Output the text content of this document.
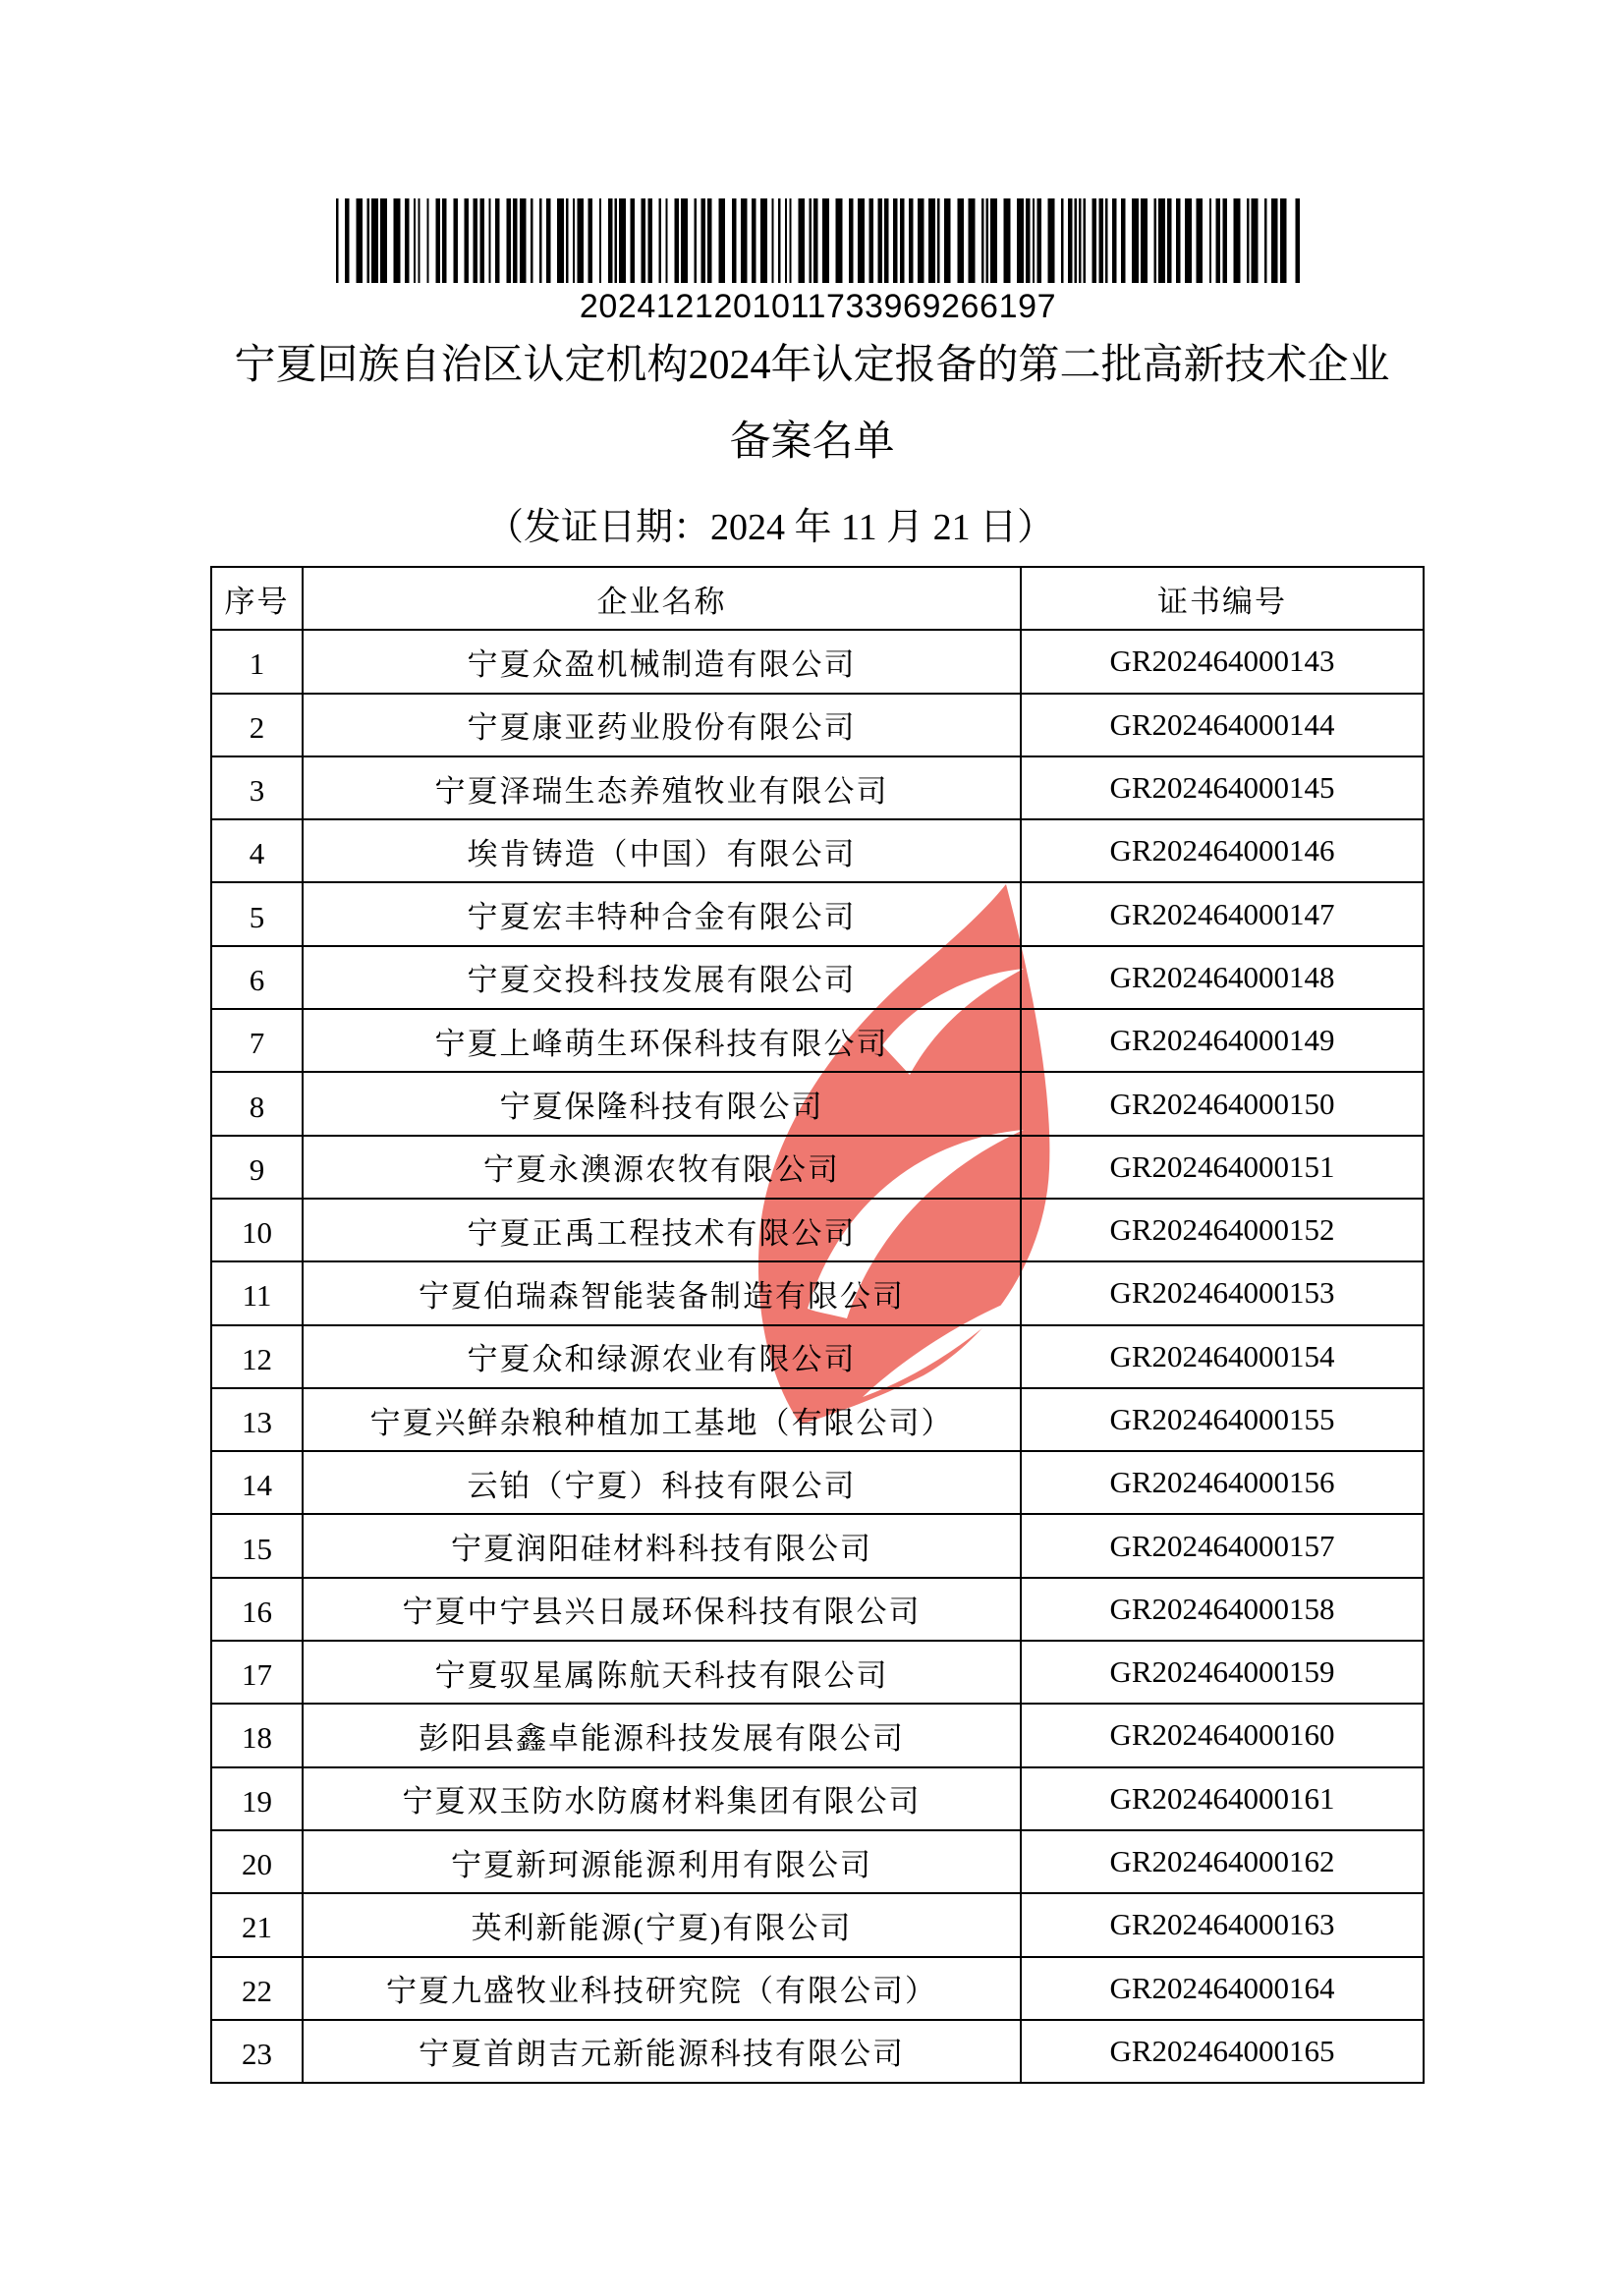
2024121201011733969266197
宁夏回族自治区认定机构2024年认定报备的第二批高新技术企业
备案名单
（发证日期：2024 年 11 月 21 日）
序号	企业名称	证书编号
1	宁夏众盈机械制造有限公司	GR202464000143
2	宁夏康亚药业股份有限公司	GR202464000144
3	宁夏泽瑞生态养殖牧业有限公司	GR202464000145
4	埃肯铸造（中国）有限公司	GR202464000146
5	宁夏宏丰特种合金有限公司	GR202464000147
6	宁夏交投科技发展有限公司	GR202464000148
7	宁夏上峰萌生环保科技有限公司	GR202464000149
8	宁夏保隆科技有限公司	GR202464000150
9	宁夏永澳源农牧有限公司	GR202464000151
10	宁夏正禹工程技术有限公司	GR202464000152
11	宁夏伯瑞森智能装备制造有限公司	GR202464000153
12	宁夏众和绿源农业有限公司	GR202464000154
13	宁夏兴鲜杂粮种植加工基地（有限公司）	GR202464000155
14	云铂（宁夏）科技有限公司	GR202464000156
15	宁夏润阳硅材料科技有限公司	GR202464000157
16	宁夏中宁县兴日晟环保科技有限公司	GR202464000158
17	宁夏驭星属陈航天科技有限公司	GR202464000159
18	彭阳县鑫卓能源科技发展有限公司	GR202464000160
19	宁夏双玉防水防腐材料集团有限公司	GR202464000161
20	宁夏新珂源能源利用有限公司	GR202464000162
21	英利新能源(宁夏)有限公司	GR202464000163
22	宁夏九盛牧业科技研究院（有限公司）	GR202464000164
23	宁夏首朗吉元新能源科技有限公司	GR202464000165
